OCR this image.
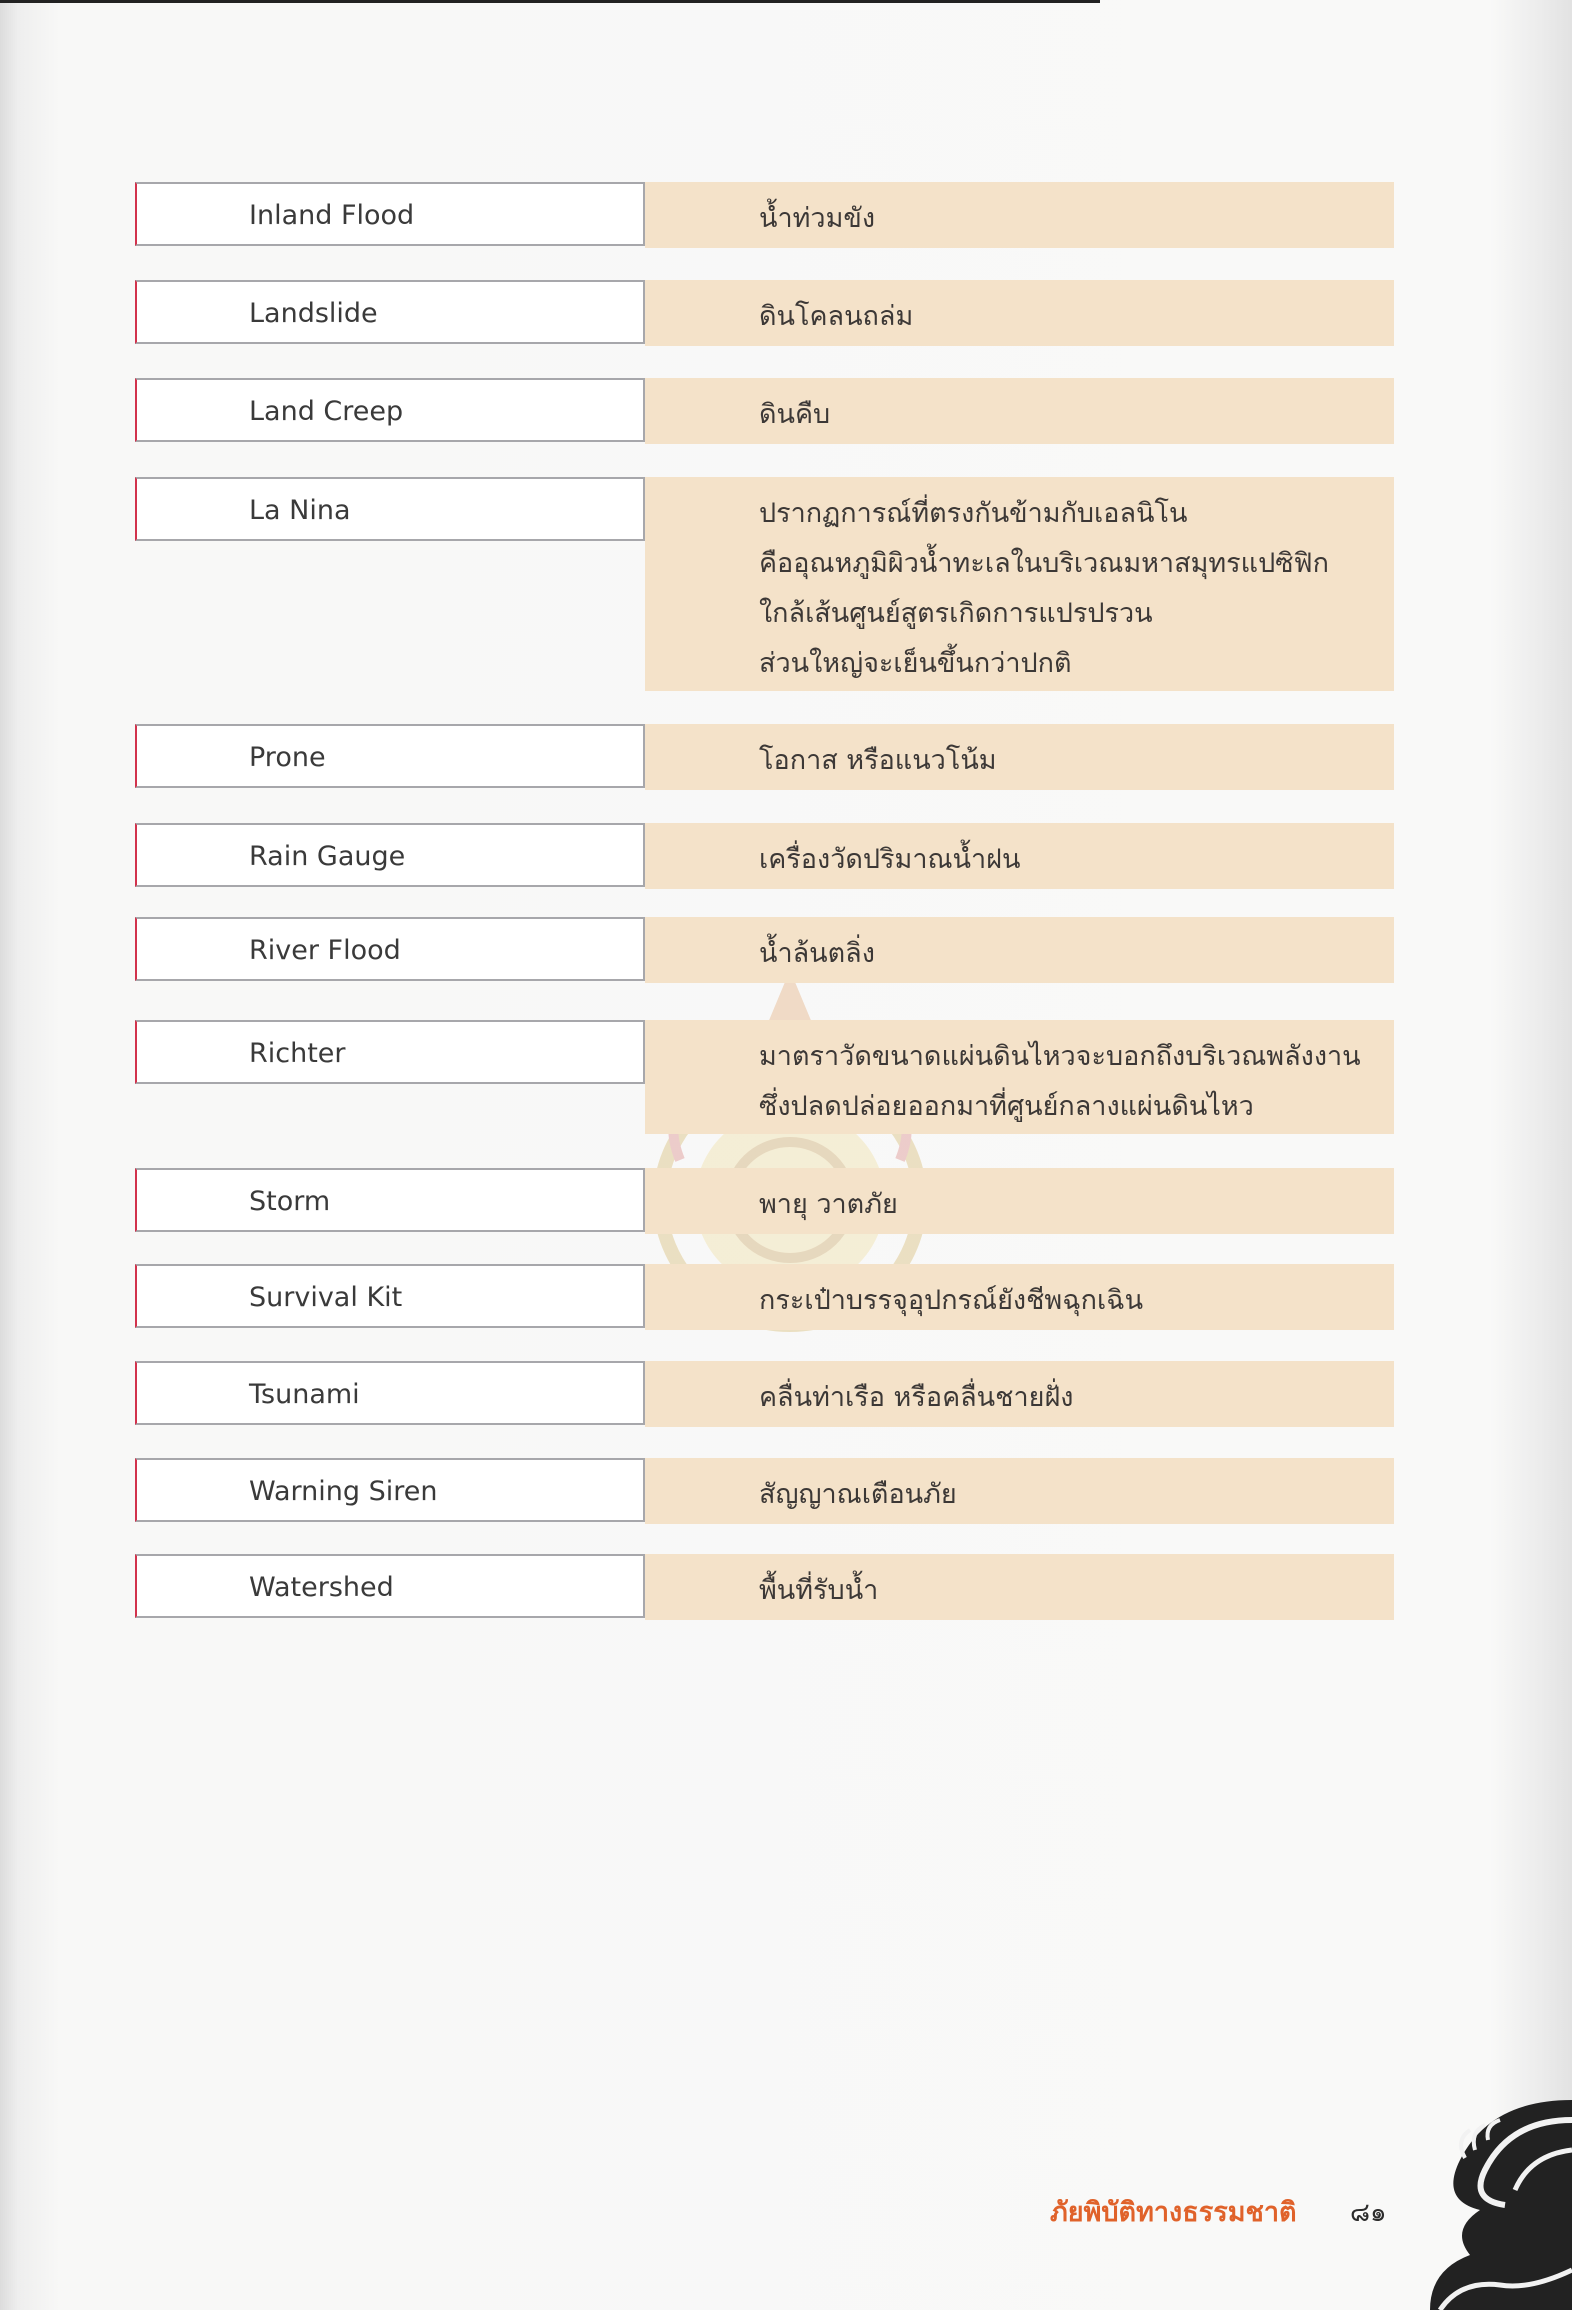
Inland Flood	น้ำท่วมขัง
Landslide	ดินโคลนถล่ม
Land Creep	ดินคืบ
La Nina	ปรากฏการณ์ที่ตรงกันข้ามกับเอลนิโน
คืออุณหภูมิผิวน้ำทะเลในบริเวณมหาสมุทรแปซิฟิก
ใกล้เส้นศูนย์สูตรเกิดการแปรปรวน
ส่วนใหญ่จะเย็นขึ้นกว่าปกติ
Prone	โอกาส หรือแนวโน้ม
Rain Gauge	เครื่องวัดปริมาณน้ำฝน
River Flood	น้ำล้นตลิ่ง
Richter	มาตราวัดขนาดแผ่นดินไหวจะบอกถึงบริเวณพลังงาน
ซึ่งปลดปล่อยออกมาที่ศูนย์กลางแผ่นดินไหว
Storm	พายุ วาตภัย
Survival Kit	กระเป๋าบรรจุอุปกรณ์ยังชีพฉุกเฉิน
Tsunami	คลื่นท่าเรือ หรือคลื่นชายฝั่ง
Warning Siren	สัญญาณเตือนภัย
Watershed	พื้นที่รับน้ำ
ภัยพิบัติทางธรรมชาติ ๘๑
